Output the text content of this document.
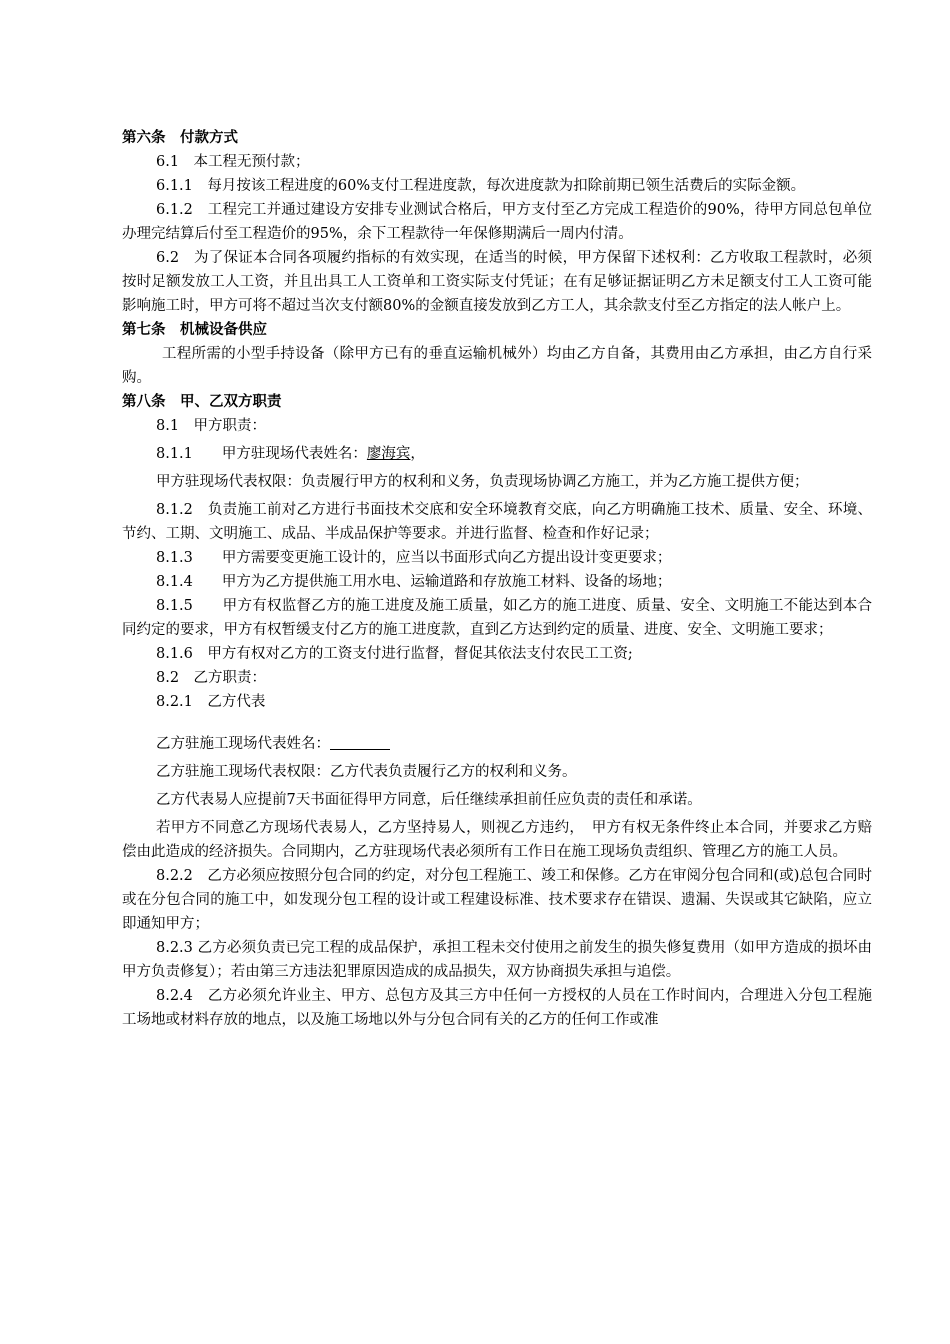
第六条　付款方式

6.1　本工程无预付款；

6.1.1　每月按该工程进度的60%支付工程进度款，每次进度款为扣除前期已领生活费后的实际金额。

6.1.2　工程完工并通过建设方安排专业测试合格后，甲方支付至乙方完成工程造价的90%，待甲方同总包单位办理完结算后付至工程造价的95%，余下工程款待一年保修期满后一周内付清。

6.2　为了保证本合同各项履约指标的有效实现，在适当的时候，甲方保留下述权利：乙方收取工程款时，必须按时足额发放工人工资，并且出具工人工资单和工资实际支付凭证；在有足够证据证明乙方未足额支付工人工资可能影响施工时，甲方可将不超过当次支付额80%的金额直接发放到乙方工人，其余款支付至乙方指定的法人帐户上。

第七条　机械设备供应

工程所需的小型手持设备（除甲方已有的垂直运输机械外）均由乙方自备，其费用由乙方承担，由乙方自行采购。

第八条　甲、乙双方职责

8.1　甲方职责：

8.1.1　　甲方驻现场代表姓名：廖海宾，

甲方驻现场代表权限：负责履行甲方的权利和义务，负责现场协调乙方施工，并为乙方施工提供方便；

8.1.2　负责施工前对乙方进行书面技术交底和安全环境教育交底，向乙方明确施工技术、质量、安全、环境、节约、工期、文明施工、成品、半成品保护等要求。并进行监督、检查和作好记录；

8.1.3　　甲方需要变更施工设计的，应当以书面形式向乙方提出设计变更要求；

8.1.4　　甲方为乙方提供施工用水电、运输道路和存放施工材料、设备的场地；

8.1.5　　甲方有权监督乙方的施工进度及施工质量，如乙方的施工进度、质量、安全、文明施工不能达到本合同约定的要求，甲方有权暂缓支付乙方的施工进度款，直到乙方达到约定的质量、进度、安全、文明施工要求；

8.1.6　甲方有权对乙方的工资支付进行监督，督促其依法支付农民工工资;

8.2　乙方职责：

8.2.1　乙方代表

乙方驻施工现场代表姓名：

乙方驻施工现场代表权限：乙方代表负责履行乙方的权利和义务。

乙方代表易人应提前7天书面征得甲方同意，后任继续承担前任应负责的责任和承诺。

若甲方不同意乙方现场代表易人，乙方坚持易人，则视乙方违约，　甲方有权无条件终止本合同，并要求乙方赔偿由此造成的经济损失。合同期内，乙方驻现场代表必须所有工作日在施工现场负责组织、管理乙方的施工人员。

8.2.2　乙方必须应按照分包合同的约定，对分包工程施工、竣工和保修。乙方在审阅分包合同和(或)总包合同时或在分包合同的施工中，如发现分包工程的设计或工程建设标准、技术要求存在错误、遗漏、失误或其它缺陷，应立即通知甲方；

8.2.3 乙方必须负责已完工程的成品保护，承担工程未交付使用之前发生的损失修复费用（如甲方造成的损坏由甲方负责修复）；若由第三方违法犯罪原因造成的成品损失，双方协商损失承担与追偿。

8.2.4　乙方必须允许业主、甲方、总包方及其三方中任何一方授权的人员在工作时间内，合理进入分包工程施工场地或材料存放的地点，以及施工场地以外与分包合同有关的乙方的任何工作或准
